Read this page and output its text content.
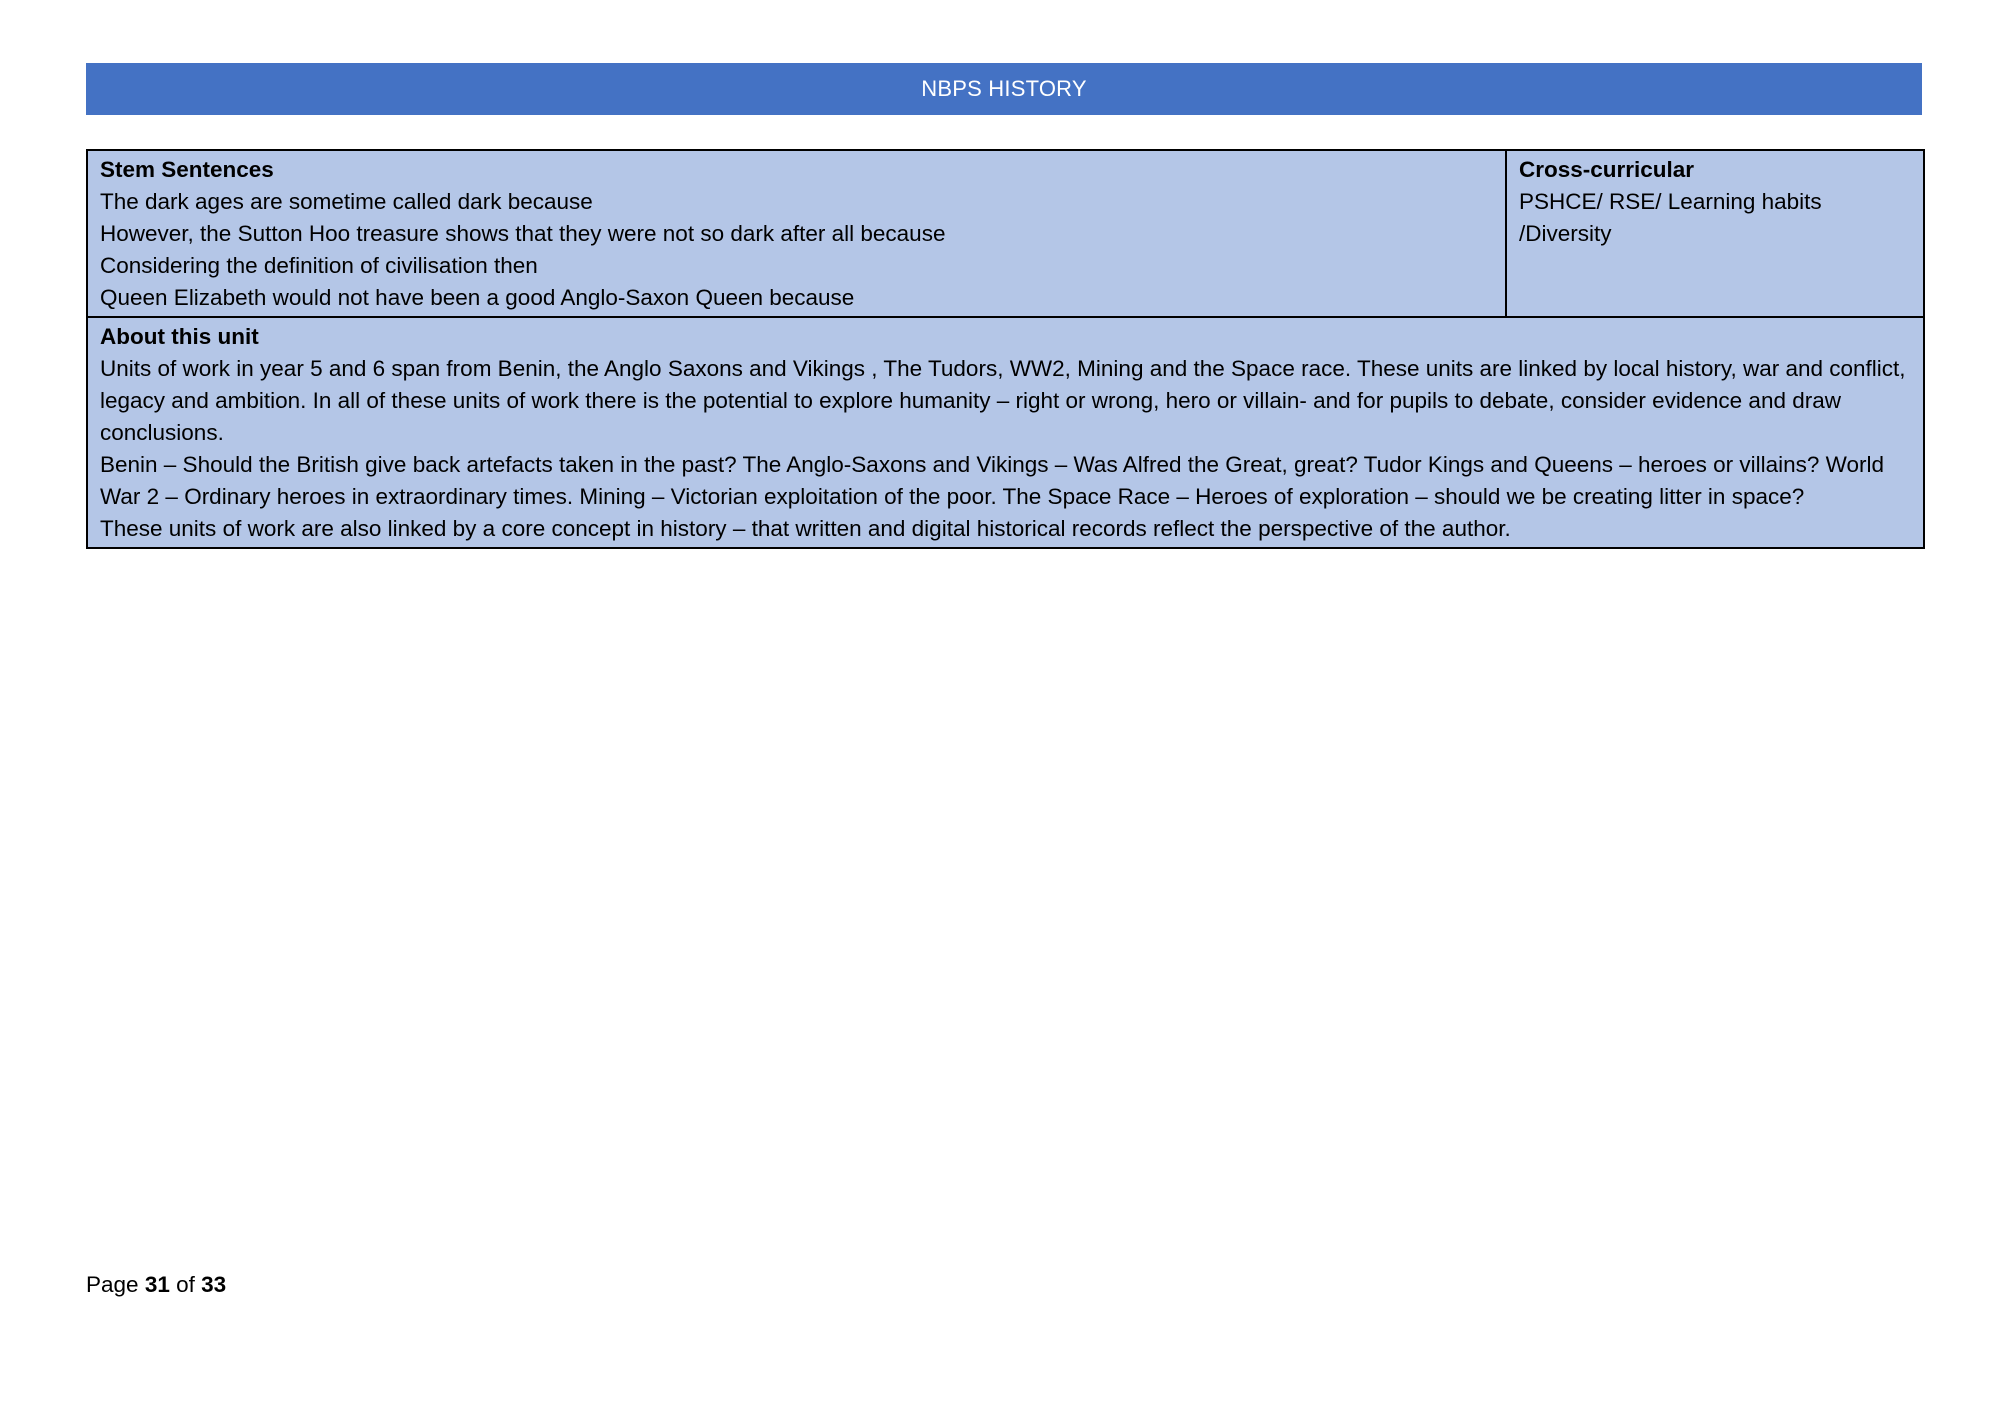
NBPS HISTORY
Stem Sentences
The dark ages are sometime called dark because
However, the Sutton Hoo treasure shows that they were not so dark after all because
Considering the definition of civilisation then
Queen Elizabeth would not have been a good Anglo-Saxon Queen because

Cross-curricular
PSHCE/ RSE/ Learning habits /Diversity

About this unit
Units of work in year 5 and 6 span from Benin, the Anglo Saxons and Vikings , The Tudors, WW2, Mining and the Space race. These units are linked by local history, war and conflict, legacy and ambition. In all of these units of work there is the potential to explore humanity – right or wrong, hero or villain- and for pupils to debate, consider evidence and draw conclusions.
Benin – Should the British give back artefacts taken in the past? The Anglo-Saxons and Vikings – Was Alfred the Great, great? Tudor Kings and Queens – heroes or villains? World War 2 – Ordinary heroes in extraordinary times. Mining – Victorian exploitation of the poor. The Space Race – Heroes of exploration – should we be creating litter in space?
These units of work are also linked by a core concept in history – that written and digital historical records reflect the perspective of the author.
Page 31 of 33
